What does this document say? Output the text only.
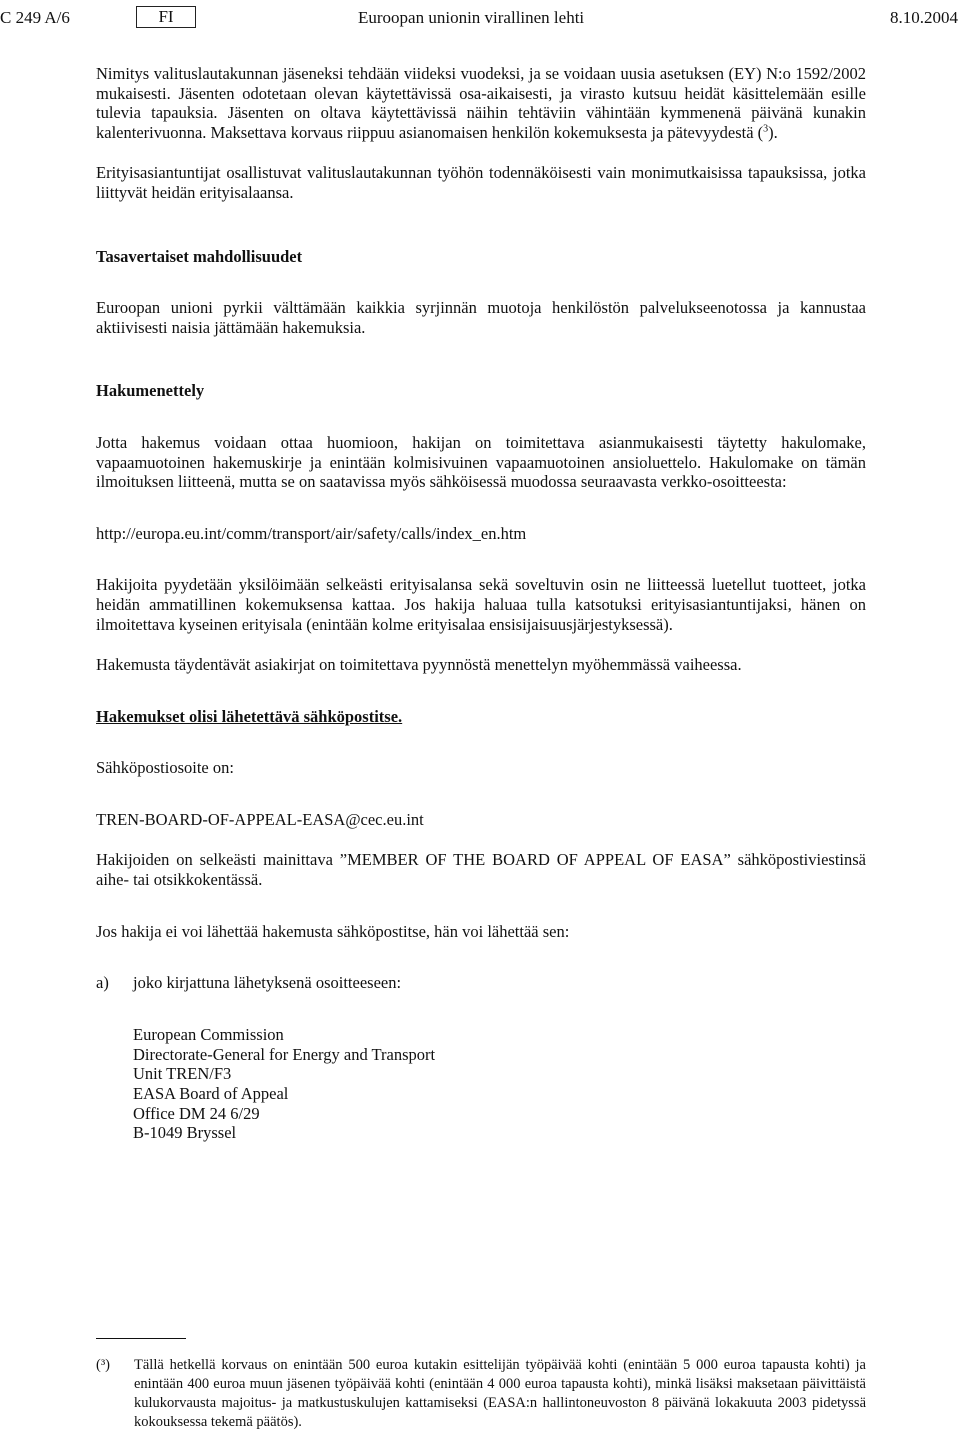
C 249 A/6	FI	Euroopan unionin virallinen lehti	8.10.2004

Nimitys valituslautakunnan jäseneksi tehdään viideksi vuodeksi, ja se voidaan uusia asetuksen (EY) N:o 1592/2002 mukaisesti. Jäsenten odotetaan olevan käytettävissä osa-aikaisesti, ja virasto kutsuu heidät käsittelemään esille tulevia tapauksia. Jäsenten on oltava käytettävissä näihin tehtäviin vähintään kymmenenä päivänä kunakin kalenterivuonna. Maksettava korvaus riippuu asianomaisen henkilön kokemuksesta ja pätevyydestä ($^3$).

Erityisasiantuntijat osallistuvat valituslautakunnan työhön todennäköisesti vain monimutkaisissa tapauksissa, jotka liittyvät heidän erityisalaansa.

Tasavertaiset mahdollisuudet

Euroopan unioni pyrkii välttämään kaikkia syrjinnän muotoja henkilöstön palvelukseenotossa ja kannustaa aktiivisesti naisia jättämään hakemuksia.

Hakumenettely

Jotta hakemus voidaan ottaa huomioon, hakijan on toimitettava asianmukaisesti täytetty hakulomake, vapaamuotoinen hakemuskirje ja enintään kolmisivuinen vapaamuotoinen ansioluettelo. Hakulomake on tämän ilmoituksen liitteenä, mutta se on saatavissa myös sähköisessä muodossa seuraavasta verkko-osoitteesta:

http://europa.eu.int/comm/transport/air/safety/calls/index_en.htm

Hakijoita pyydetään yksilöimään selkeästi erityisalansa sekä soveltuvin osin ne liitteessä luetellut tuotteet, jotka heidän ammatillinen kokemuksensa kattaa. Jos hakija haluaa tulla katsotuksi erityisasiantuntijaksi, hänen on ilmoitettava kyseinen erityisala (enintään kolme erityisalaa ensisijaisuusjärjestyksessä).

Hakemusta täydentävät asiakirjat on toimitettava pyynnöstä menettelyn myöhemmässä vaiheessa.

Hakemukset olisi lähetettävä sähköpostitse.

Sähköpostiosoite on:

TREN-BOARD-OF-APPEAL-EASA@cec.eu.int

Hakijoiden on selkeästi mainittava ”MEMBER OF THE BOARD OF APPEAL OF EASA” sähköpostiviestinsä aihe- tai otsikkokentässä.

Jos hakija ei voi lähettää hakemusta sähköpostitse, hän voi lähettää sen:

a)	joko kirjattuna lähetyksenä osoitteeseen:
European Commission
Directorate-General for Energy and Transport
Unit TREN/F3
EASA Board of Appeal
Office DM 24 6/29
B-1049 Bryssel
(³)	Tällä hetkellä korvaus on enintään 500 euroa kutakin esittelijän työpäivää kohti (enintään 5 000 euroa tapausta kohti) ja enintään 400 euroa muun jäsenen työpäivää kohti (enintään 4 000 euroa tapausta kohti), minkä lisäksi maksetaan päivittäistä kulukorvausta majoitus- ja matkustuskulujen kattamiseksi (EASA:n hallintoneuvoston 8 päivänä lokakuuta 2003 pidetyssä kokouksessa tekemä päätös).
